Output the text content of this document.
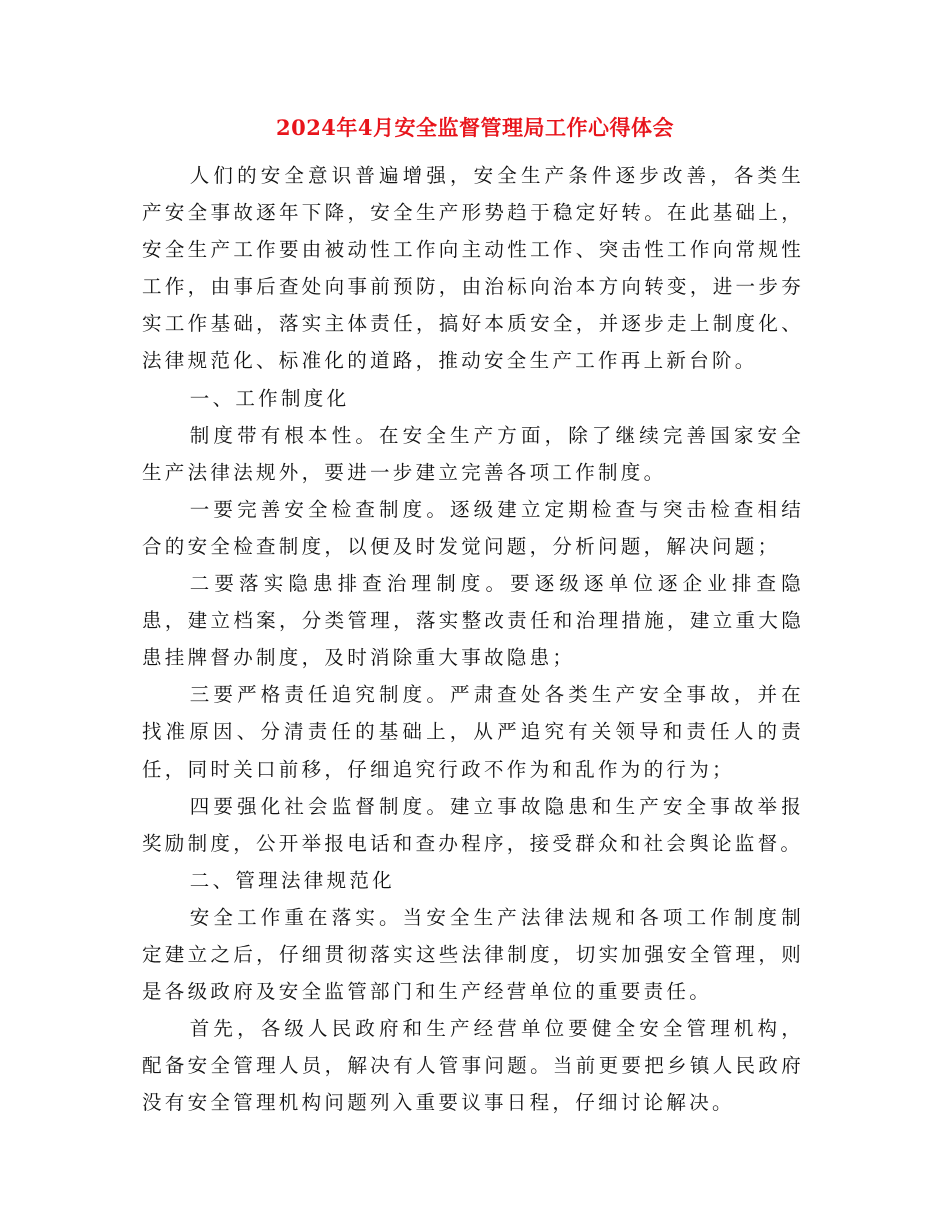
2024年4月安全监督管理局工作心得体会

人们的安全意识普遍增强，安全生产条件逐步改善，各类生产安全事故逐年下降，安全生产形势趋于稳定好转。在此基础上，安全生产工作要由被动性工作向主动性工作、突击性工作向常规性工作，由事后查处向事前预防，由治标向治本方向转变，进一步夯实工作基础，落实主体责任，搞好本质安全，并逐步走上制度化、法律规范化、标准化的道路，推动安全生产工作再上新台阶。

一、工作制度化

制度带有根本性。在安全生产方面，除了继续完善国家安全生产法律法规外，要进一步建立完善各项工作制度。

一要完善安全检查制度。逐级建立定期检查与突击检查相结合的安全检查制度，以便及时发觉问题，分析问题，解决问题；

二要落实隐患排查治理制度。要逐级逐单位逐企业排查隐患，建立档案，分类管理，落实整改责任和治理措施，建立重大隐患挂牌督办制度，及时消除重大事故隐患；

三要严格责任追究制度。严肃查处各类生产安全事故，并在找准原因、分清责任的基础上，从严追究有关领导和责任人的责任，同时关口前移，仔细追究行政不作为和乱作为的行为；

四要强化社会监督制度。建立事故隐患和生产安全事故举报奖励制度，公开举报电话和查办程序，接受群众和社会舆论监督。

二、管理法律规范化

安全工作重在落实。当安全生产法律法规和各项工作制度制定建立之后，仔细贯彻落实这些法律制度，切实加强安全管理，则是各级政府及安全监管部门和生产经营单位的重要责任。

首先，各级人民政府和生产经营单位要健全安全管理机构，配备安全管理人员，解决有人管事问题。当前更要把乡镇人民政府没有安全管理机构问题列入重要议事日程，仔细讨论解决。
